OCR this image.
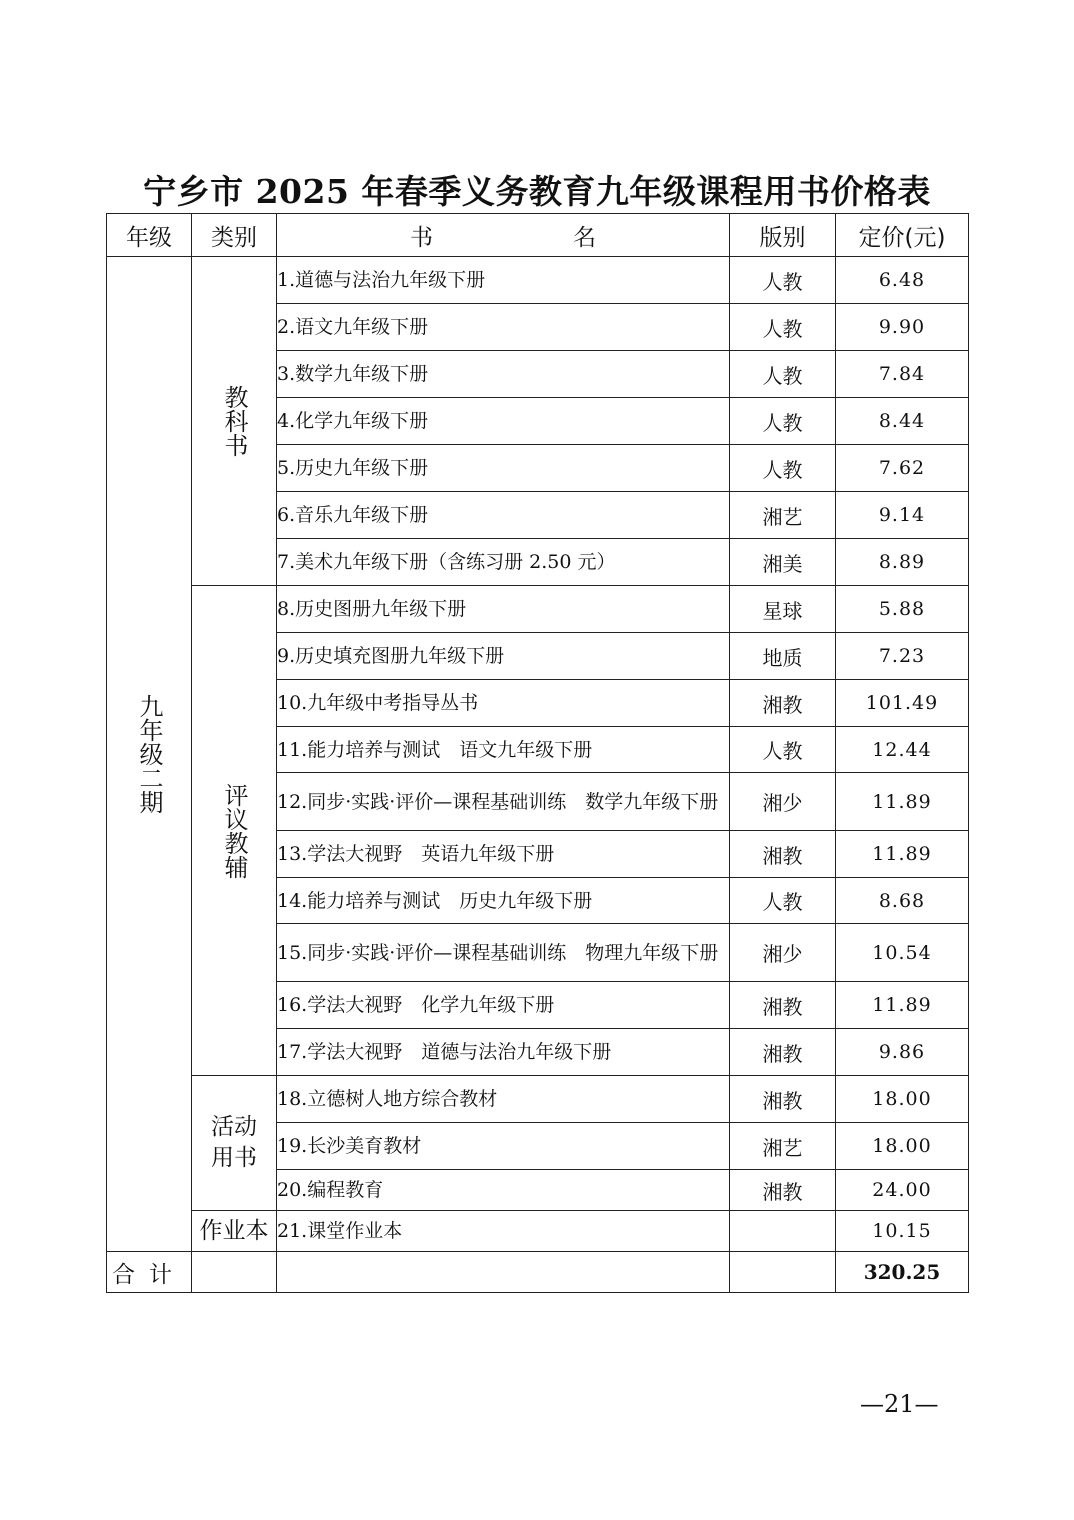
宁乡市 2025 年春季义务教育九年级课程用书价格表
年级	类别	书 名	版别	定价(元)
九年级二期	教科书	1.道德与法治九年级下册	人教	6.48
		2.语文九年级下册	人教	9.90
		3.数学九年级下册	人教	7.84
		4.化学九年级下册	人教	8.44
		5.历史九年级下册	人教	7.62
		6.音乐九年级下册	湘艺	9.14
		7.美术九年级下册（含练习册 2.50 元）	湘美	8.89
	评议教辅	8.历史图册九年级下册	星球	5.88
		9.历史填充图册九年级下册	地质	7.23
		10.九年级中考指导丛书	湘教	101.49
		11.能力培养与测试　语文九年级下册	人教	12.44
		12.同步·实践·评价—课程基础训练　数学九年级下册	湘少	11.89
		13.学法大视野　英语九年级下册	湘教	11.89
		14.能力培养与测试　历史九年级下册	人教	8.68
		15.同步·实践·评价—课程基础训练　物理九年级下册	湘少	10.54
		16.学法大视野　化学九年级下册	湘教	11.89
		17.学法大视野　道德与法治九年级下册	湘教	9.86
	活动用书	18.立德树人地方综合教材	湘教	18.00
		19.长沙美育教材	湘艺	18.00
		20.编程教育	湘教	24.00
	作业本	21.课堂作业本		10.15
合计				320.25
—21—
